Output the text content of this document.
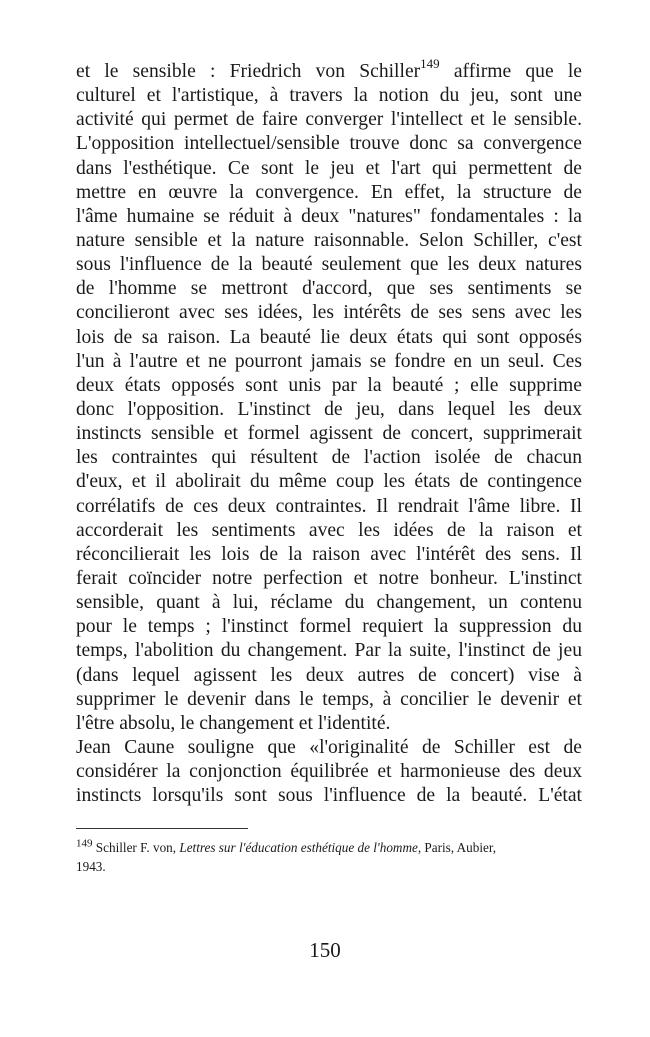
et le sensible : Friedrich von Schiller$^{149}$ affirme que le
culturel et l'artistique, à travers la notion du jeu, sont une
activité qui permet de faire converger l'intellect et le sensible.
L'opposition intellectuel/sensible trouve donc sa convergence
dans l'esthétique. Ce sont le jeu et l'art qui permettent de
mettre en œuvre la convergence. En effet, la structure de
l'âme humaine se réduit à deux "natures" fondamentales : la
nature sensible et la nature raisonnable. Selon Schiller, c'est
sous l'influence de la beauté seulement que les deux natures
de l'homme se mettront d'accord, que ses sentiments se
concilieront avec ses idées, les intérêts de ses sens avec les
lois de sa raison. La beauté lie deux états qui sont opposés
l'un à l'autre et ne pourront jamais se fondre en un seul. Ces
deux états opposés sont unis par la beauté ; elle supprime
donc l'opposition. L'instinct de jeu, dans lequel les deux
instincts sensible et formel agissent de concert, supprimerait
les contraintes qui résultent de l'action isolée de chacun
d'eux, et il abolirait du même coup les états de contingence
corrélatifs de ces deux contraintes. Il rendrait l'âme libre. Il
accorderait les sentiments avec les idées de la raison et
réconcilierait les lois de la raison avec l'intérêt des sens. Il
ferait coïncider notre perfection et notre bonheur. L'instinct
sensible, quant à lui, réclame du changement, un contenu
pour le temps ; l'instinct formel requiert la suppression du
temps, l'abolition du changement. Par la suite, l'instinct de jeu
(dans lequel agissent les deux autres de concert) vise à
supprimer le devenir dans le temps, à concilier le devenir et
l'être absolu, le changement et l'identité.
Jean Caune souligne que «l'originalité de Schiller est de
considérer la conjonction équilibrée et harmonieuse des deux
instincts lorsqu'ils sont sous l'influence de la beauté. L'état
$^{149}$ Schiller F. von, Lettres sur l'éducation esthétique de l'homme, Paris, Aubier,
1943.
150
